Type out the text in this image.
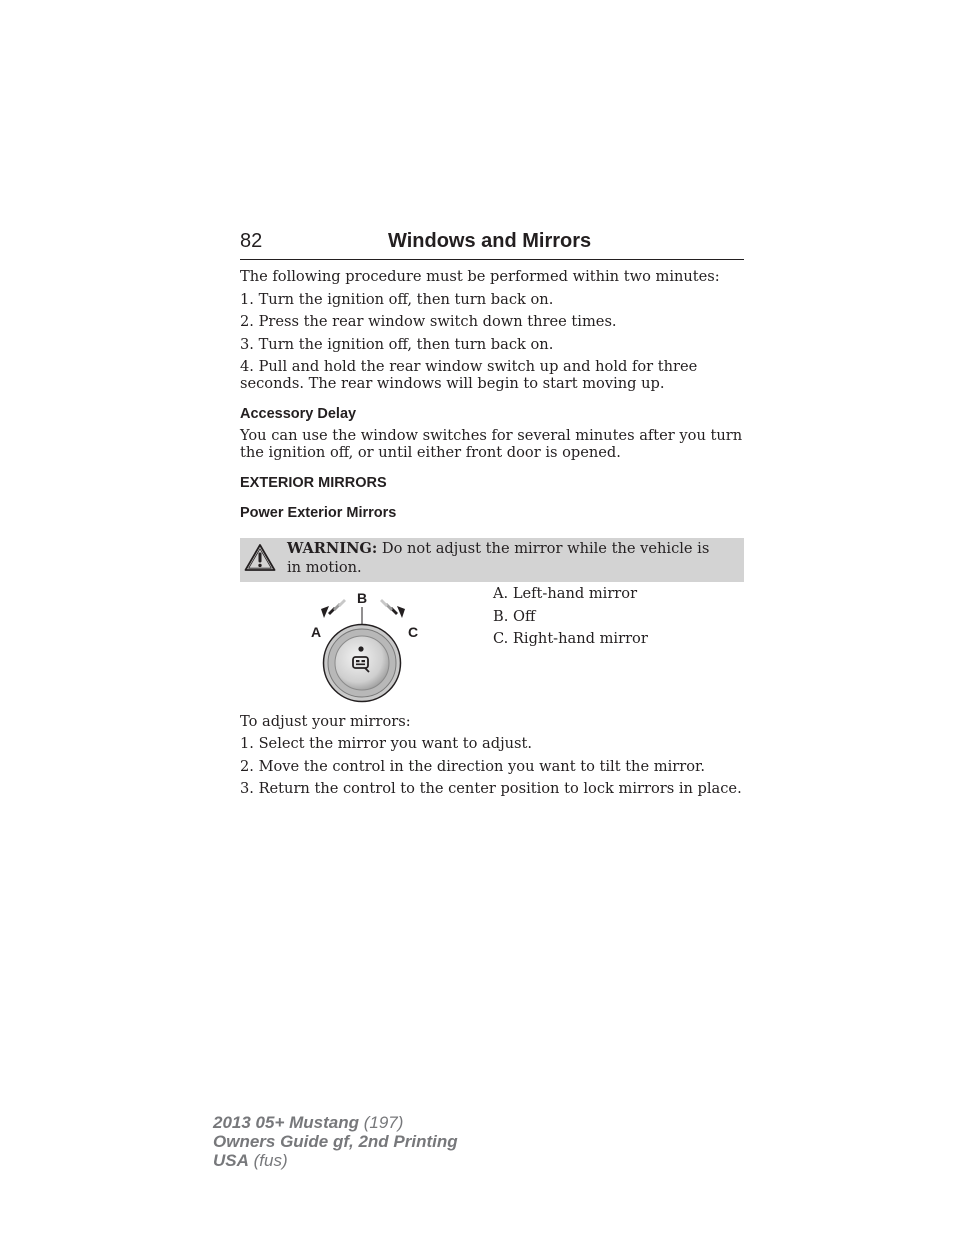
82	Windows and Mirrors
The following procedure must be performed within two minutes:
1. Turn the ignition off, then turn back on.
2. Press the rear window switch down three times.
3. Turn the ignition off, then turn back on.
4. Pull and hold the rear window switch up and hold for three seconds. The rear windows will begin to start moving up.
Accessory Delay
You can use the window switches for several minutes after you turn the ignition off, or until either front door is opened.
EXTERIOR MIRRORS
Power Exterior Mirrors
WARNING: Do not adjust the mirror while the vehicle is in motion.
A
B
C
A. Left-hand mirror
B. Off
C. Right-hand mirror
To adjust your mirrors:
1. Select the mirror you want to adjust.
2. Move the control in the direction you want to tilt the mirror.
3. Return the control to the center position to lock mirrors in place.
2013 05+ Mustang (197)
Owners Guide gf, 2nd Printing
USA (fus)
